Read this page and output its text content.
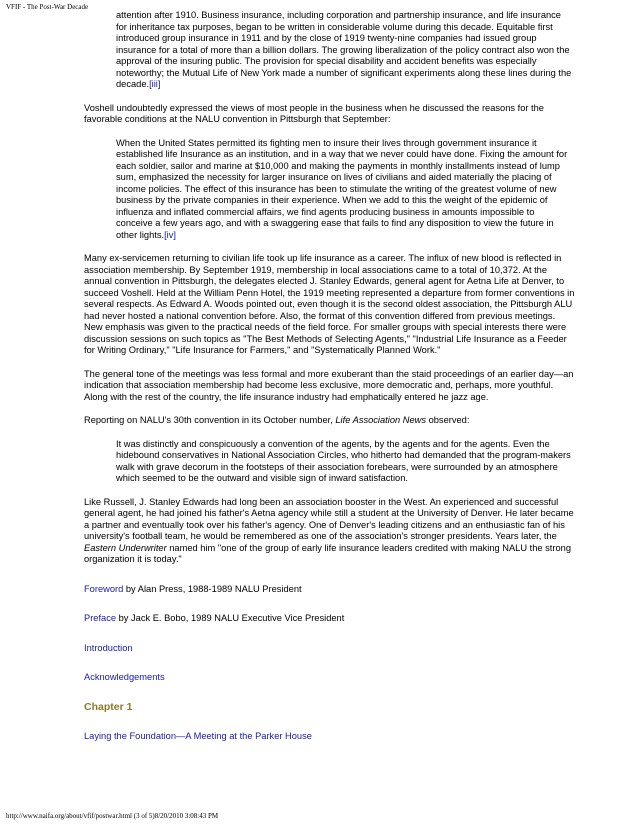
VFIF - The Post-War Decade

attention after 1910. Business insurance, including corporation and partnership insurance, and life insurance for inheritance tax purposes, began to be written in considerable volume during this decade. Equitable first introduced group insurance in 1911 and by the close of 1919 twenty-nine companies had issued group insurance for a total of more than a billion dollars. The growing liberalization of the policy contract also won the approval of the insuring public. The provision for special disability and accident benefits was especially noteworthy; the Mutual Life of New York made a number of significant experiments along these lines during the decade.[iii]

Voshell undoubtedly expressed the views of most people in the business when he discussed the reasons for the favorable conditions at the NALU convention in Pittsburgh that September:

When the United States permitted its fighting men to insure their lives through government insurance it established life Insurance as an institution, and in a way that we never could have done. Fixing the amount for each soldier, sailor and marine at $10,000 and making the payments in monthly installments instead of lump sum, emphasized the necessity for larger insurance on lives of civilians and aided materially the placing of income policies. The effect of this insurance has been to stimulate the writing of the greatest volume of new business by the private companies in their experience. When we add to this the weight of the epidemic of influenza and inflated commercial affairs, we find agents producing business in amounts impossible to conceive a few years ago, and with a swaggering ease that fails to find any disposition to view the future in other lights.[iv]

Many ex-servicemen returning to civilian life took up life insurance as a career. The influx of new blood is reflected in association membership. By September 1919, membership in local associations came to a total of 10,372. At the annual convention in Pittsburgh, the delegates elected J. Stanley Edwards, general agent for Aetna Life at Denver, to succeed Voshell. Held at the William Penn Hotel, the 1919 meeting represented a departure from former conventions in several respects. As Edward A. Woods pointed out, even though it is the second oldest association, the Pittsburgh ALU had never hosted a national convention before. Also, the format of this convention differed from previous meetings. New emphasis was given to the practical needs of the field force. For smaller groups with special interests there were discussion sessions on such topics as "The Best Methods of Selecting Agents," "Industrial Life Insurance as a Feeder for Writing Ordinary," "Life Insurance for Farmers," and "Systematically Planned Work."

The general tone of the meetings was less formal and more exuberant than the staid proceedings of an earlier day—an indication that association membership had become less exclusive, more democratic and, perhaps, more youthful. Along with the rest of the country, the life insurance industry had emphatically entered he jazz age.

Reporting on NALU's 30th convention in its October number, Life Association News observed:

It was distinctly and conspicuously a convention of the agents, by the agents and for the agents. Even the hidebound conservatives in National Association Circles, who hitherto had demanded that the program-makers walk with grave decorum in the footsteps of their association forebears, were surrounded by an atmosphere which seemed to be the outward and visible sign of inward satisfaction.

Like Russell, J. Stanley Edwards had long been an association booster in the West. An experienced and successful general agent, he had joined his father's Aetna agency while still a student at the University of Denver. He later became a partner and eventually took over his father's agency. One of Denver's leading citizens and an enthusiastic fan of his university's football team, he would be remembered as one of the association's stronger presidents. Years later, the Eastern Underwriter named him "one of the group of early life insurance leaders credited with making NALU the strong organization it is today."

Foreword by Alan Press, 1988-1989 NALU President

Preface by Jack E. Bobo, 1989 NALU Executive Vice President

Introduction

Acknowledgements

Chapter 1

Laying the Foundation—A Meeting at the Parker House

http://www.naifa.org/about/vfif/postwar.html (3 of 5)8/20/2010 3:08:43 PM
